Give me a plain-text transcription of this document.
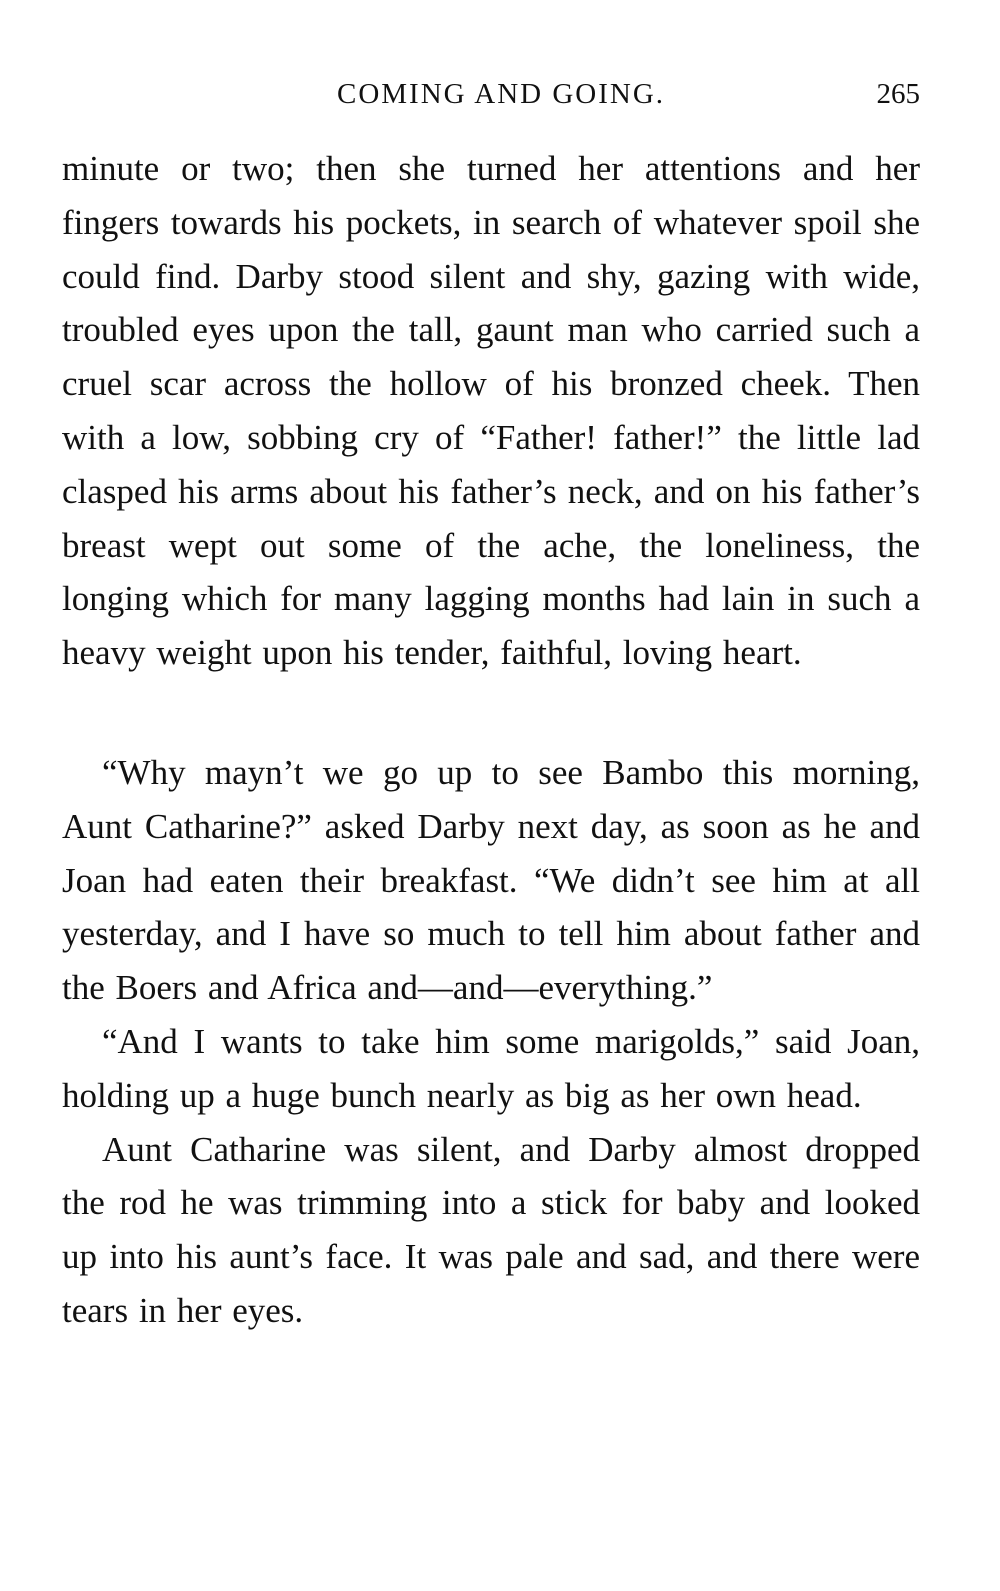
COMING AND GOING.	265

minute or two; then she turned her attentions and her fingers towards his pockets, in search of whatever spoil she could find. Darby stood silent and shy, gazing with wide, troubled eyes upon the tall, gaunt man who carried such a cruel scar across the hollow of his bronzed cheek. Then with a low, sobbing cry of “Father! father!” the little lad clasped his arms about his father’s neck, and on his father’s breast wept out some of the ache, the loneliness, the longing which for many lagging months had lain in such a heavy weight upon his tender, faithful, loving heart.

“Why mayn’t we go up to see Bambo this morning, Aunt Catharine?” asked Darby next day, as soon as he and Joan had eaten their breakfast. “We didn’t see him at all yesterday, and I have so much to tell him about father and the Boers and Africa and—and—everything.”

“And I wants to take him some marigolds,” said Joan, holding up a huge bunch nearly as big as her own head.

Aunt Catharine was silent, and Darby almost dropped the rod he was trimming into a stick for baby and looked up into his aunt’s face. It was pale and sad, and there were tears in her eyes.
